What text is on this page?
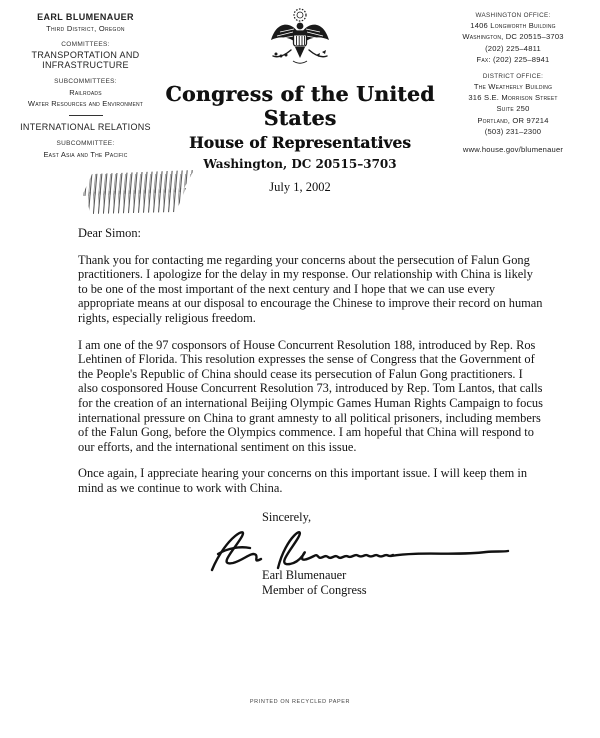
EARL BLUMENAUER
Third District, Oregon
COMMITTEES:
TRANSPORTATION AND INFRASTRUCTURE
SUBCOMMITTEES:
Railroads
Water Resources and Environment
INTERNATIONAL RELATIONS
SUBCOMMITTEE:
East Asia and The Pacific
WASHINGTON OFFICE:
1406 Longworth Building
Washington, DC 20515–3703
(202) 225–4811
Fax: (202) 225–8941
DISTRICT OFFICE:
The Weatherly Building
316 S.E. Morrison Street
Suite 250
Portland, OR 97214
(503) 231–2300
www.house.gov/blumenauer
Congress of the United States
House of Representatives
Washington, DC 20515–3703
July 1, 2002
Dear Simon:

Thank you for contacting me regarding your concerns about the persecution of Falun Gong practitioners. I apologize for the delay in my response. Our relationship with China is likely to be one of the most important of the next century and I hope that we can use every appropriate means at our disposal to encourage the Chinese to improve their record on human rights, especially religious freedom.

I am one of the 97 cosponsors of House Concurrent Resolution 188, introduced by Rep. Ros Lehtinen of Florida. This resolution expresses the sense of Congress that the Government of the People's Republic of China should cease its persecution of Falun Gong practitioners. I also cosponsored House Concurrent Resolution 73, introduced by Rep. Tom Lantos, that calls for the creation of an international Beijing Olympic Games Human Rights Campaign to focus international pressure on China to grant amnesty to all political prisoners, including members of the Falun Gong, before the Olympics commence. I am hopeful that China will respond to our efforts, and the international sentiment on this issue.

Once again, I appreciate hearing your concerns on this important issue. I will keep them in mind as we continue to work with China.

Sincerely,
Earl Blumenauer
Member of Congress
PRINTED ON RECYCLED PAPER
